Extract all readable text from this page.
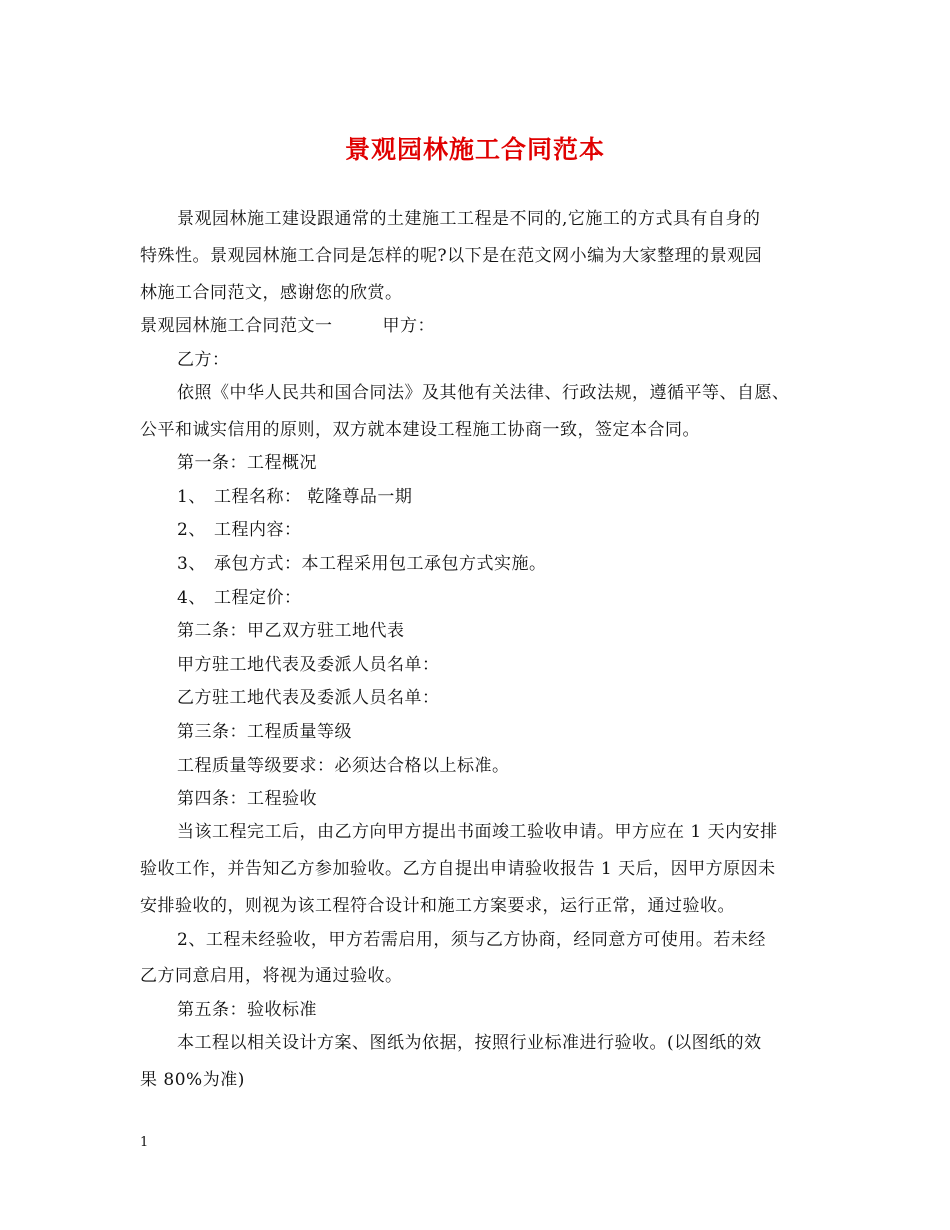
景观园林施工合同范本
景观园林施工建设跟通常的土建施工工程是不同的,它施工的方式具有自身的
特殊性。景观园林施工合同是怎样的呢?以下是在范文网小编为大家整理的景观园
林施工合同范文，感谢您的欣赏。
景观园林施工合同范文一	甲方：
乙方：
依照《中华人民共和国合同法》及其他有关法律、行政法规，遵循平等、自愿、
公平和诚实信用的原则，双方就本建设工程施工协商一致，签定本合同。
第一条：工程概况
1、 工程名称： 乾隆尊品一期
2、 工程内容：
3、 承包方式：本工程采用包工承包方式实施。
4、 工程定价：
第二条：甲乙双方驻工地代表
甲方驻工地代表及委派人员名单：
乙方驻工地代表及委派人员名单：
第三条：工程质量等级
工程质量等级要求：必须达合格以上标准。
第四条：工程验收
当该工程完工后，由乙方向甲方提出书面竣工验收申请。甲方应在 1 天内安排
验收工作，并告知乙方参加验收。乙方自提出申请验收报告 1 天后，因甲方原因未
安排验收的，则视为该工程符合设计和施工方案要求，运行正常，通过验收。
2、工程未经验收，甲方若需启用，须与乙方协商，经同意方可使用。若未经
乙方同意启用，将视为通过验收。
第五条：验收标准
本工程以相关设计方案、图纸为依据，按照行业标准进行验收。(以图纸的效
果 80%为准)
1
